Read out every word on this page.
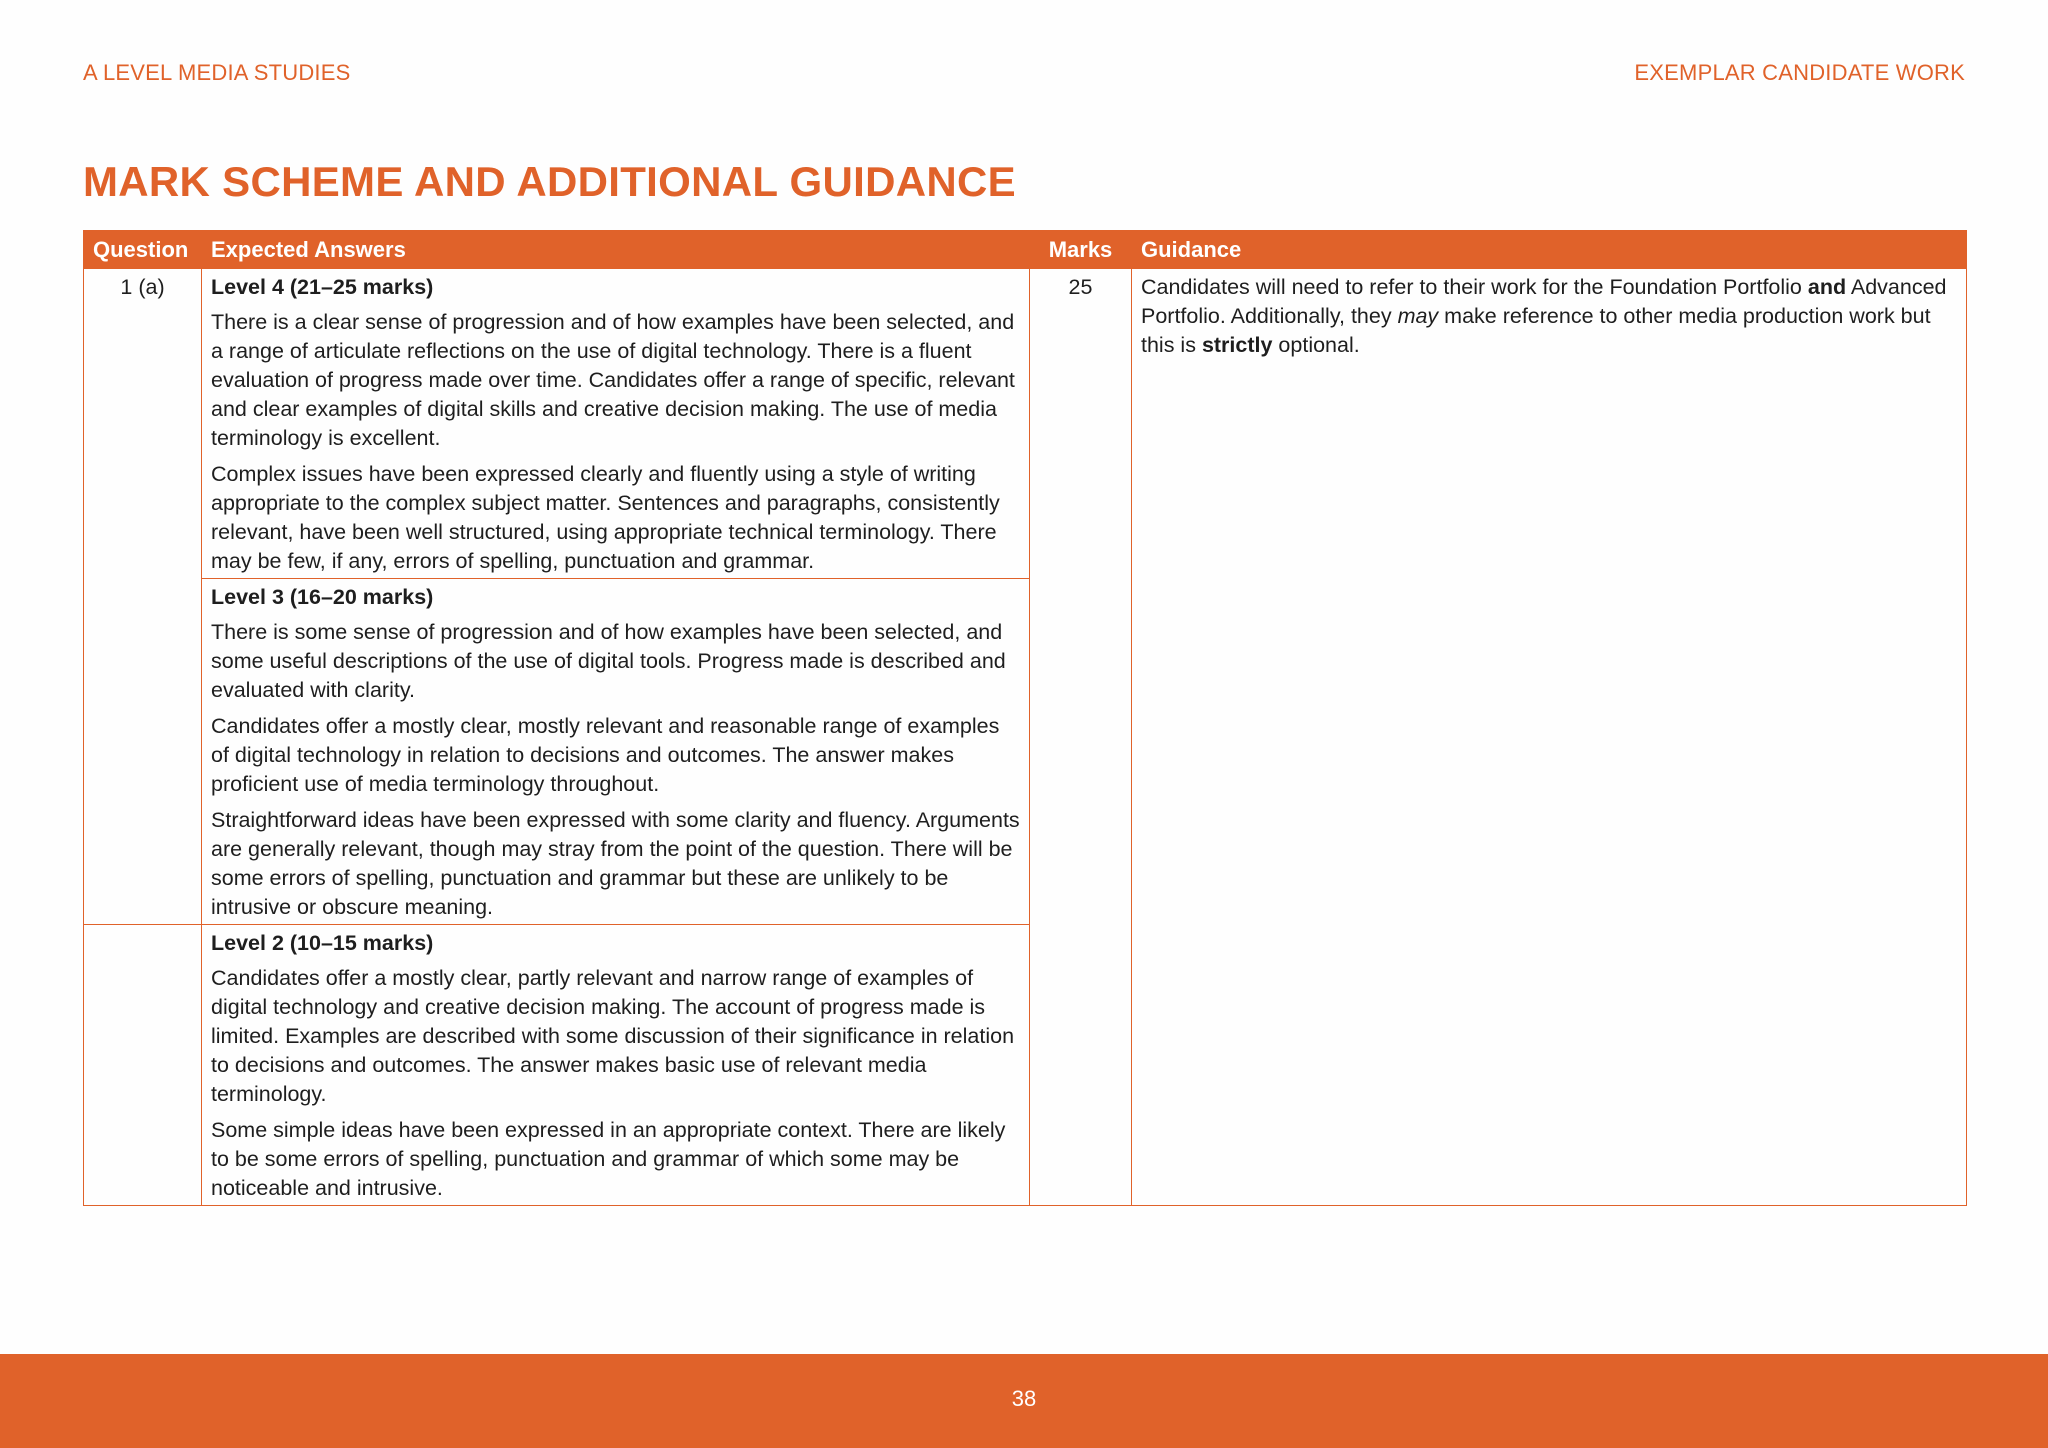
A LEVEL MEDIA STUDIES	EXEMPLAR CANDIDATE WORK
MARK SCHEME AND ADDITIONAL GUIDANCE
Question	Expected Answers	Marks	Guidance
1 (a)	Level 4 (21–25 marks)

There is a clear sense of progression and of how examples have been selected, and a range of articulate reflections on the use of digital technology. There is a fluent evaluation of progress made over time. Candidates offer a range of specific, relevant and clear examples of digital skills and creative decision making. The use of media terminology is excellent.

Complex issues have been expressed clearly and fluently using a style of writing appropriate to the complex subject matter. Sentences and paragraphs, consistently relevant, have been well structured, using appropriate technical terminology. There may be few, if any, errors of spelling, punctuation and grammar.	25	Candidates will need to refer to their work for the Foundation Portfolio and Advanced Portfolio. Additionally, they may make reference to other media production work but this is strictly optional.

	Level 3 (16–20 marks)

There is some sense of progression and of how examples have been selected, and some useful descriptions of the use of digital tools. Progress made is described and evaluated with clarity.

Candidates offer a mostly clear, mostly relevant and reasonable range of examples of digital technology in relation to decisions and outcomes. The answer makes proficient use of media terminology throughout.

Straightforward ideas have been expressed with some clarity and fluency. Arguments are generally relevant, though may stray from the point of the question. There will be some errors of spelling, punctuation and grammar but these are unlikely to be intrusive or obscure meaning.		

	Level 2 (10–15 marks)

Candidates offer a mostly clear, partly relevant and narrow range of examples of digital technology and creative decision making. The account of progress made is limited. Examples are described with some discussion of their significance in relation to decisions and outcomes. The answer makes basic use of relevant media terminology.

Some simple ideas have been expressed in an appropriate context. There are likely to be some errors of spelling, punctuation and grammar of which some may be noticeable and intrusive.		

38
